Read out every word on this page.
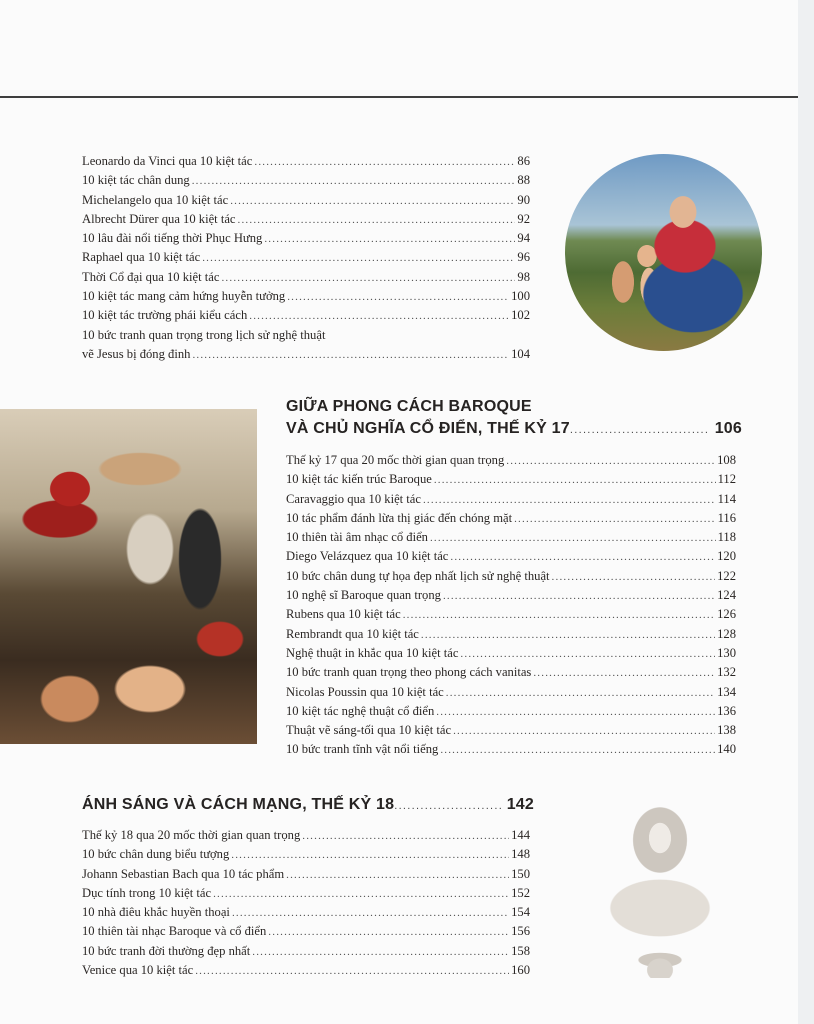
Leonardo da Vinci qua 10 kiệt tác .....	86
10 kiệt tác chân dung .....	88
Michelangelo qua 10 kiệt tác .....	90
Albrecht Dürer qua 10 kiệt tác .....	92
10 lâu đài nổi tiếng thời Phục Hưng .....	94
Raphael qua 10 kiệt tác .....	96
Thời Cổ đại qua 10 kiệt tác .....	98
10 kiệt tác mang cảm hứng huyễn tưởng .....	100
10 kiệt tác trường phái kiểu cách .....	102
10 bức tranh quan trọng trong lịch sử nghệ thuật
vẽ Jesus bị đóng đinh .....	104
GIỮA PHONG CÁCH BAROQUE
VÀ CHỦ NGHĨA CỔ ĐIỂN, THẾ KỶ 17 .....	106
Thế kỷ 17 qua 20 mốc thời gian quan trọng .....	108
10 kiệt tác kiến trúc Baroque .....	112
Caravaggio qua 10 kiệt tác .....	114
10 tác phẩm đánh lừa thị giác đến chóng mặt .....	116
10 thiên tài âm nhạc cổ điển .....	118
Diego Velázquez qua 10 kiệt tác .....	120
10 bức chân dung tự họa đẹp nhất lịch sử nghệ thuật .....	122
10 nghệ sĩ Baroque quan trọng .....	124
Rubens qua 10 kiệt tác .....	126
Rembrandt qua 10 kiệt tác .....	128
Nghệ thuật in khắc qua 10 kiệt tác .....	130
10 bức tranh quan trọng theo phong cách vanitas .....	132
Nicolas Poussin qua 10 kiệt tác .....	134
10 kiệt tác nghệ thuật cổ điển .....	136
Thuật vẽ sáng-tối qua 10 kiệt tác .....	138
10 bức tranh tĩnh vật nổi tiếng .....	140
ÁNH SÁNG VÀ CÁCH MẠNG, THẾ KỶ 18 .....	142
Thế kỷ 18 qua 20 mốc thời gian quan trọng .....	144
10 bức chân dung biểu tượng .....	148
Johann Sebastian Bach qua 10 tác phẩm .....	150
Dục tính trong 10 kiệt tác .....	152
10 nhà điêu khắc huyền thoại .....	154
10 thiên tài nhạc Baroque và cổ điển .....	156
10 bức tranh đời thường đẹp nhất .....	158
Venice qua 10 kiệt tác .....	160
